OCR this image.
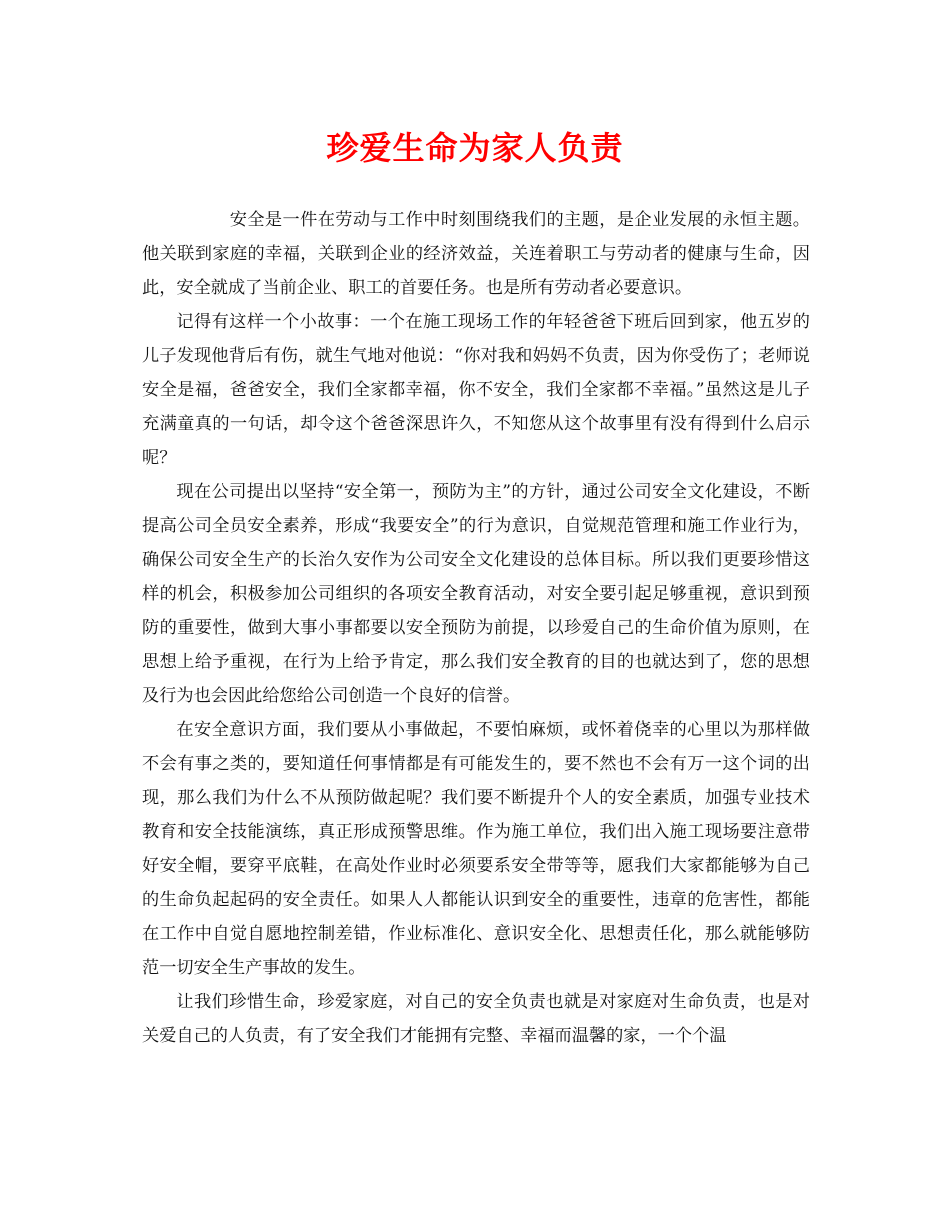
珍爱生命为家人负责

安全是一件在劳动与工作中时刻围绕我们的主题，是企业发展的永恒主题。他关联到家庭的幸福，关联到企业的经济效益，关连着职工与劳动者的健康与生命，因此，安全就成了当前企业、职工的首要任务。也是所有劳动者必要意识。

记得有这样一个小故事：一个在施工现场工作的年轻爸爸下班后回到家，他五岁的儿子发现他背后有伤，就生气地对他说：“你对我和妈妈不负责，因为你受伤了；老师说安全是福，爸爸安全，我们全家都幸福，你不安全，我们全家都不幸福。”虽然这是儿子充满童真的一句话，却令这个爸爸深思许久，不知您从这个故事里有没有得到什么启示呢？

现在公司提出以坚持“安全第一，预防为主”的方针，通过公司安全文化建设，不断提高公司全员安全素养，形成“我要安全”的行为意识，自觉规范管理和施工作业行为，确保公司安全生产的长治久安作为公司安全文化建设的总体目标。所以我们更要珍惜这样的机会，积极参加公司组织的各项安全教育活动，对安全要引起足够重视，意识到预防的重要性，做到大事小事都要以安全预防为前提，以珍爱自己的生命价值为原则，在思想上给予重视，在行为上给予肯定，那么我们安全教育的目的也就达到了，您的思想及行为也会因此给您给公司创造一个良好的信誉。

在安全意识方面，我们要从小事做起，不要怕麻烦，或怀着侥幸的心里以为那样做不会有事之类的，要知道任何事情都是有可能发生的，要不然也不会有万一这个词的出现，那么我们为什么不从预防做起呢？我们要不断提升个人的安全素质，加强专业技术教育和安全技能演练，真正形成预警思维。作为施工单位，我们出入施工现场要注意带好安全帽，要穿平底鞋，在高处作业时必须要系安全带等等，愿我们大家都能够为自己的生命负起起码的安全责任。如果人人都能认识到安全的重要性，违章的危害性，都能在工作中自觉自愿地控制差错，作业标准化、意识安全化、思想责任化，那么就能够防范一切安全生产事故的发生。

让我们珍惜生命，珍爱家庭，对自己的安全负责也就是对家庭对生命负责，也是对关爱自己的人负责，有了安全我们才能拥有完整、幸福而温馨的家，一个个温
